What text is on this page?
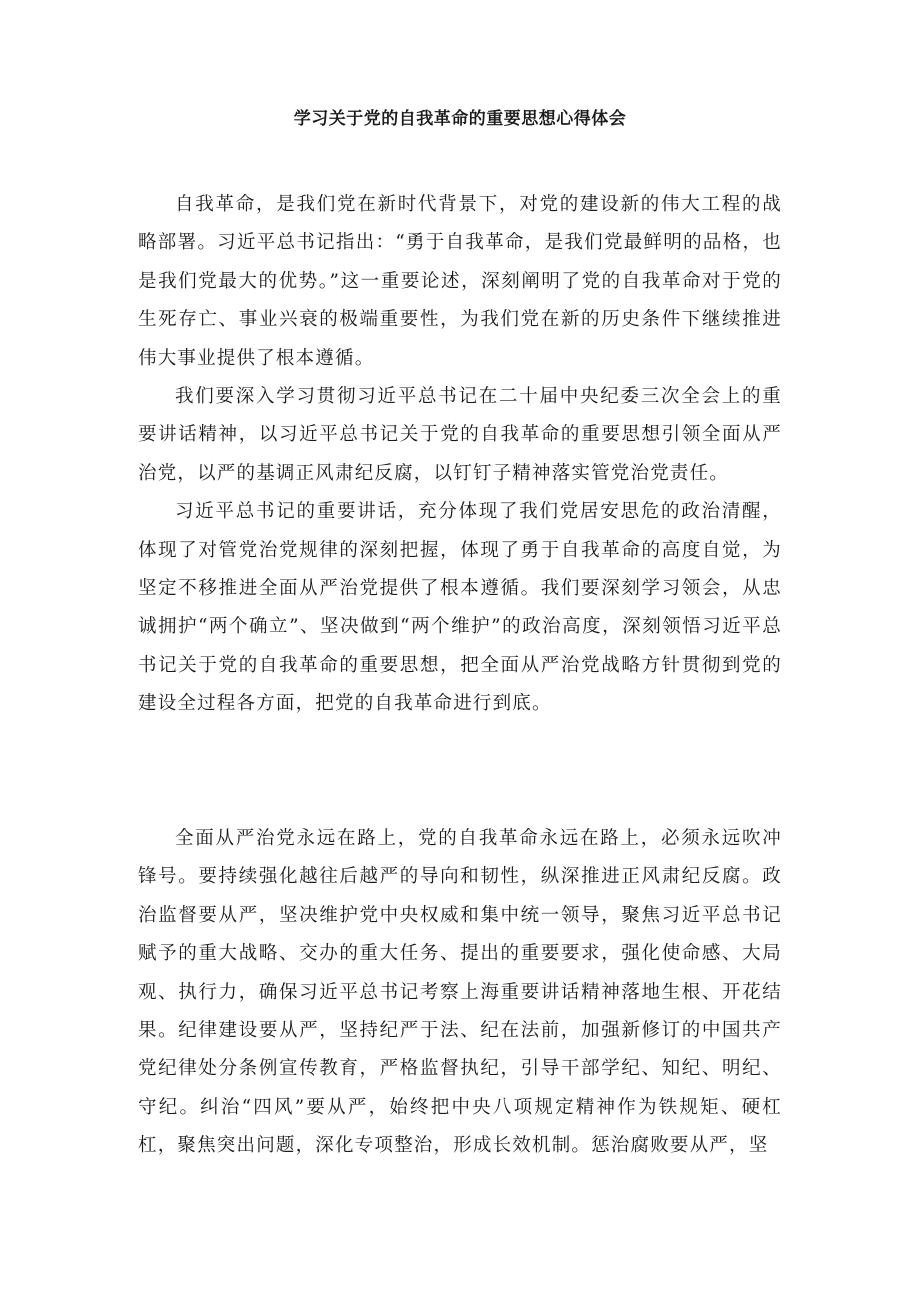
学习关于党的自我革命的重要思想心得体会

自我革命，是我们党在新时代背景下，对党的建设新的伟大工程的战略部署。习近平总书记指出：“勇于自我革命，是我们党最鲜明的品格，也是我们党最大的优势。”这一重要论述，深刻阐明了党的自我革命对于党的生死存亡、事业兴衰的极端重要性，为我们党在新的历史条件下继续推进伟大事业提供了根本遵循。

我们要深入学习贯彻习近平总书记在二十届中央纪委三次全会上的重要讲话精神，以习近平总书记关于党的自我革命的重要思想引领全面从严治党，以严的基调正风肃纪反腐，以钉钉子精神落实管党治党责任。

习近平总书记的重要讲话，充分体现了我们党居安思危的政治清醒，体现了对管党治党规律的深刻把握，体现了勇于自我革命的高度自觉，为坚定不移推进全面从严治党提供了根本遵循。我们要深刻学习领会，从忠诚拥护“两个确立”、坚决做到“两个维护”的政治高度，深刻领悟习近平总书记关于党的自我革命的重要思想，把全面从严治党战略方针贯彻到党的建设全过程各方面，把党的自我革命进行到底。

全面从严治党永远在路上，党的自我革命永远在路上，必须永远吹冲锋号。要持续强化越往后越严的导向和韧性，纵深推进正风肃纪反腐。政治监督要从严，坚决维护党中央权威和集中统一领导，聚焦习近平总书记赋予的重大战略、交办的重大任务、提出的重要要求，强化使命感、大局观、执行力，确保习近平总书记考察上海重要讲话精神落地生根、开花结果。纪律建设要从严，坚持纪严于法、纪在法前，加强新修订的中国共产党纪律处分条例宣传教育，严格监督执纪，引导干部学纪、知纪、明纪、守纪。纠治“四风”要从严，始终把中央八项规定精神作为铁规矩、硬杠杠，聚焦突出问题，深化专项整治，形成长效机制。惩治腐败要从严，坚
